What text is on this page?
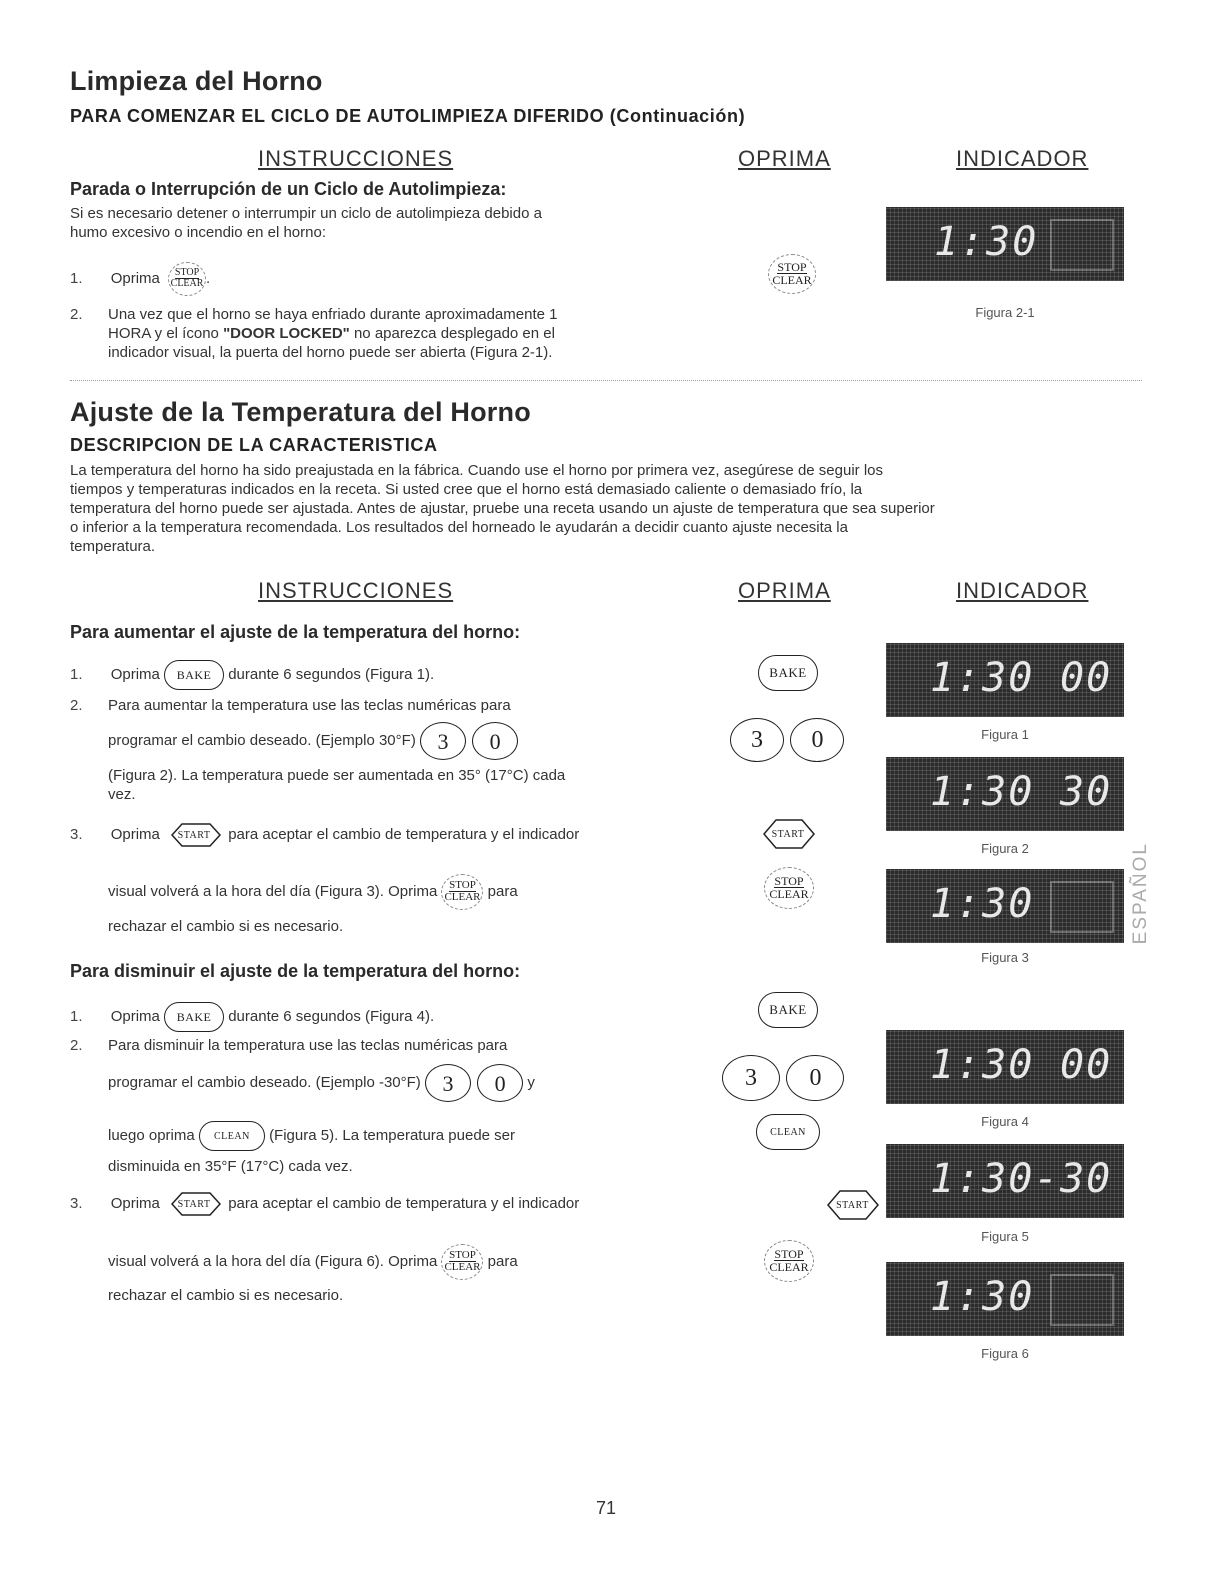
Limpieza del Horno
PARA COMENZAR EL CICLO DE AUTOLIMPIEZA DIFERIDO (Continuación)
INSTRUCCIONES	OPRIMA	INDICADOR
Parada o Interrupción de un Ciclo de Autolimpieza:
Si es necesario detener o interrumpir un ciclo de autolimpieza debido a
humo excesivo o incendio en el horno:
1. Oprima STOP
CLEAR .
2. Una vez que el horno se haya enfriado durante aproximadamente 1
HORA y el ícono "DOOR LOCKED" no aparezca desplegado en el
indicador visual, la puerta del horno puede ser abierta (Figura 2-1).
STOP
CLEAR
1:30
Figura 2-1
Ajuste de la Temperatura del Horno
DESCRIPCION DE LA CARACTERISTICA
La temperatura del horno ha sido preajustada en la fábrica. Cuando use el horno por primera vez, asegúrese de seguir los
tiempos y temperaturas indicados en la receta. Si usted cree que el horno está demasiado caliente o demasiado frío, la
temperatura del horno puede ser ajustada. Antes de ajustar, pruebe una receta usando un ajuste de temperatura que sea superior
o inferior a la temperatura recomendada. Los resultados del horneado le ayudarán a decidir cuanto ajuste necesita la
temperatura.
INSTRUCCIONES	OPRIMA	INDICADOR
Para aumentar el ajuste de la temperatura del horno:
1. Oprima BAKE durante 6 segundos (Figura 1).
2. Para aumentar la temperatura use las teclas numéricas para
programar el cambio deseado. (Ejemplo 30°F) 3 0
(Figura 2). La temperatura puede ser aumentada en 35° (17°C) cada
vez.
3. Oprima START para aceptar el cambio de temperatura y el indicador
visual volverá a la hora del día (Figura 3). Oprima STOP
CLEAR para
rechazar el cambio si es necesario.
Para disminuir el ajuste de la temperatura del horno:
1. Oprima BAKE durante 6 segundos (Figura 4).
2. Para disminuir la temperatura use las teclas numéricas para
programar el cambio deseado. (Ejemplo -30°F) 3 0 y
luego oprima CLEAN (Figura 5). La temperatura puede ser
disminuida en 35°F (17°C) cada vez.
3. Oprima START para aceptar el cambio de temperatura y el indicador
visual volverá a la hora del día (Figura 6). Oprima STOP
CLEAR para
rechazar el cambio si es necesario.
BAKE
3 0
START

STOP
CLEAR
BAKE
3 0
CLEAN
START
STOP
CLEAR
1:30 00
Figura 1
1:30 30
Figura 2
1:30
Figura 3
1:30 00
Figura 4
1:30 -30
Figura 5
1:30
Figura 6
ESPAÑOL
71
